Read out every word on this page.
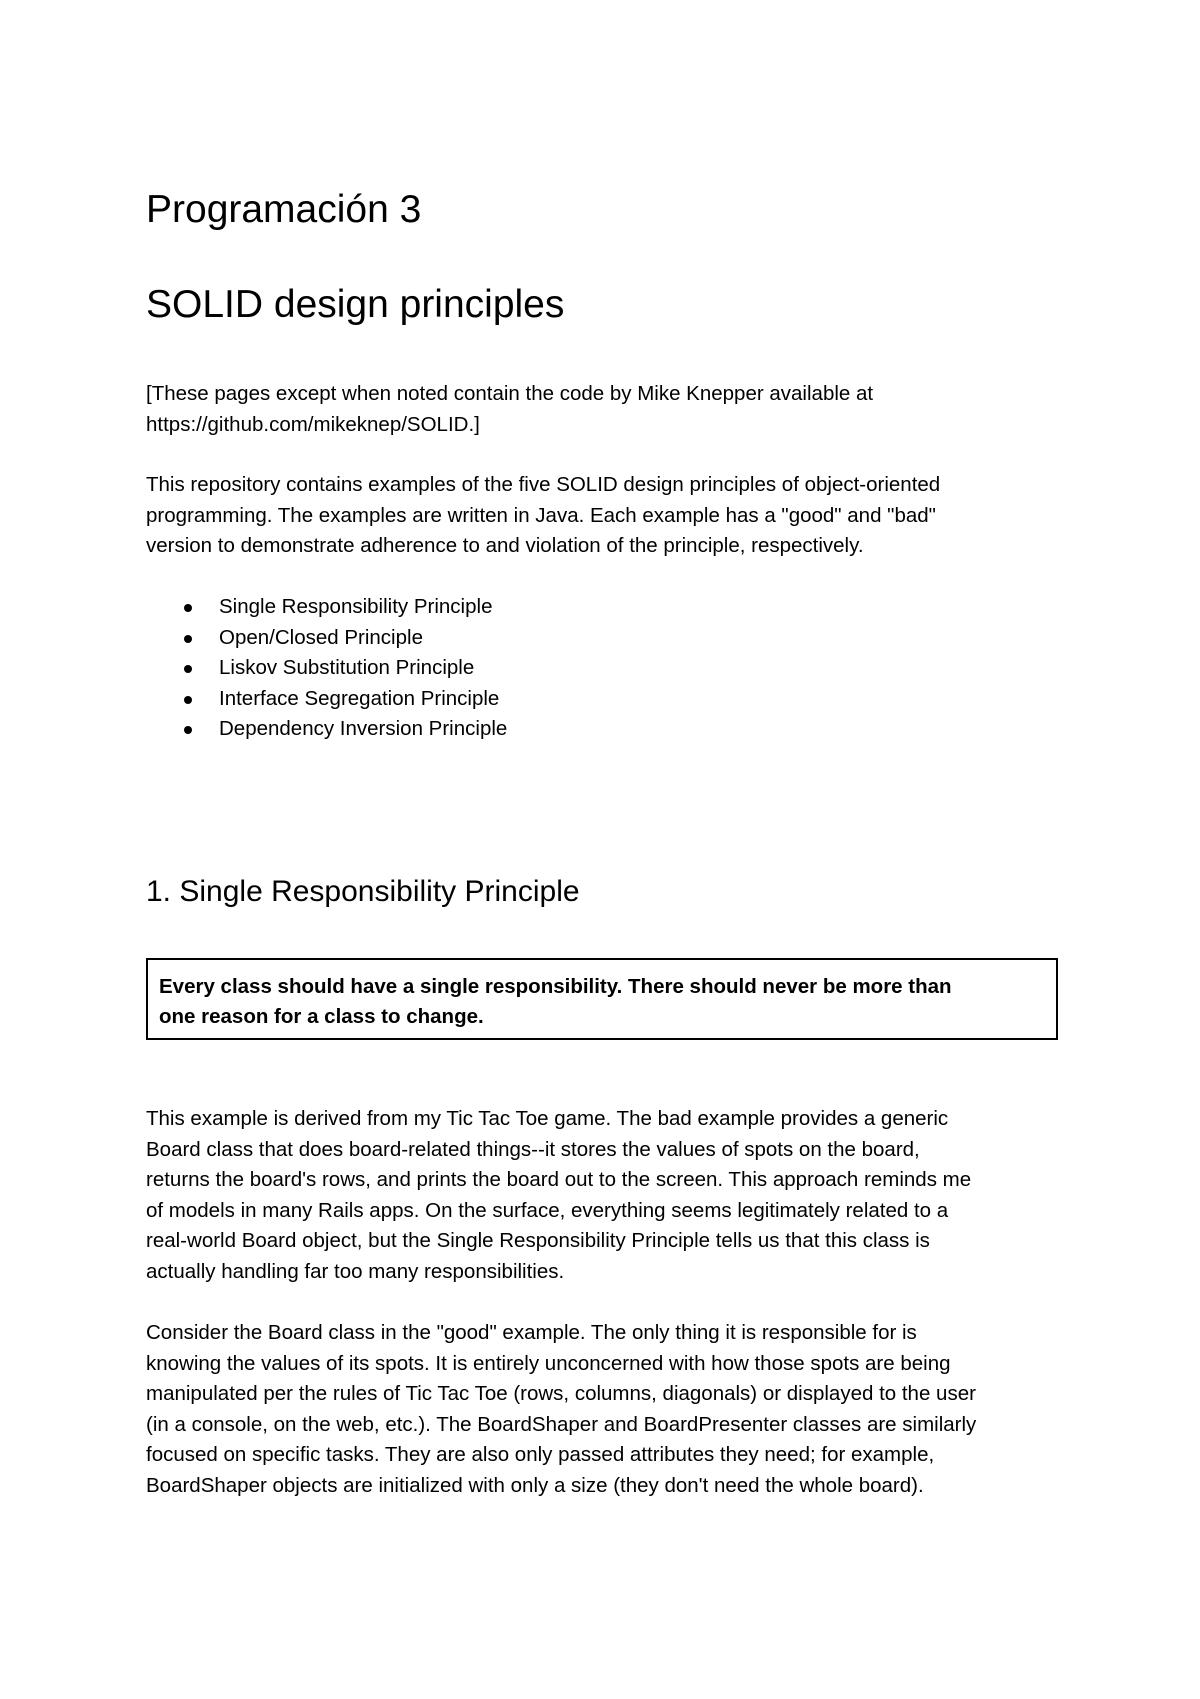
Programación 3
SOLID design principles

[These pages except when noted contain the code by Mike Knepper available at
https://github.com/mikeknep/SOLID.]

This repository contains examples of the five SOLID design principles of object-oriented
programming. The examples are written in Java. Each example has a "good" and "bad"
version to demonstrate adherence to and violation of the principle, respectively.

Single Responsibility Principle
Open/Closed Principle
Liskov Substitution Principle
Interface Segregation Principle
Dependency Inversion Principle
1. Single Responsibility Principle
Every class should have a single responsibility. There should never be more than
one reason for a class to change.

This example is derived from my Tic Tac Toe game. The bad example provides a generic
Board class that does board-related things--it stores the values of spots on the board,
returns the board's rows, and prints the board out to the screen. This approach reminds me
of models in many Rails apps. On the surface, everything seems legitimately related to a
real-world Board object, but the Single Responsibility Principle tells us that this class is
actually handling far too many responsibilities.

Consider the Board class in the "good" example. The only thing it is responsible for is
knowing the values of its spots. It is entirely unconcerned with how those spots are being
manipulated per the rules of Tic Tac Toe (rows, columns, diagonals) or displayed to the user
(in a console, on the web, etc.). The BoardShaper and BoardPresenter classes are similarly
focused on specific tasks. They are also only passed attributes they need; for example,
BoardShaper objects are initialized with only a size (they don't need the whole board).
